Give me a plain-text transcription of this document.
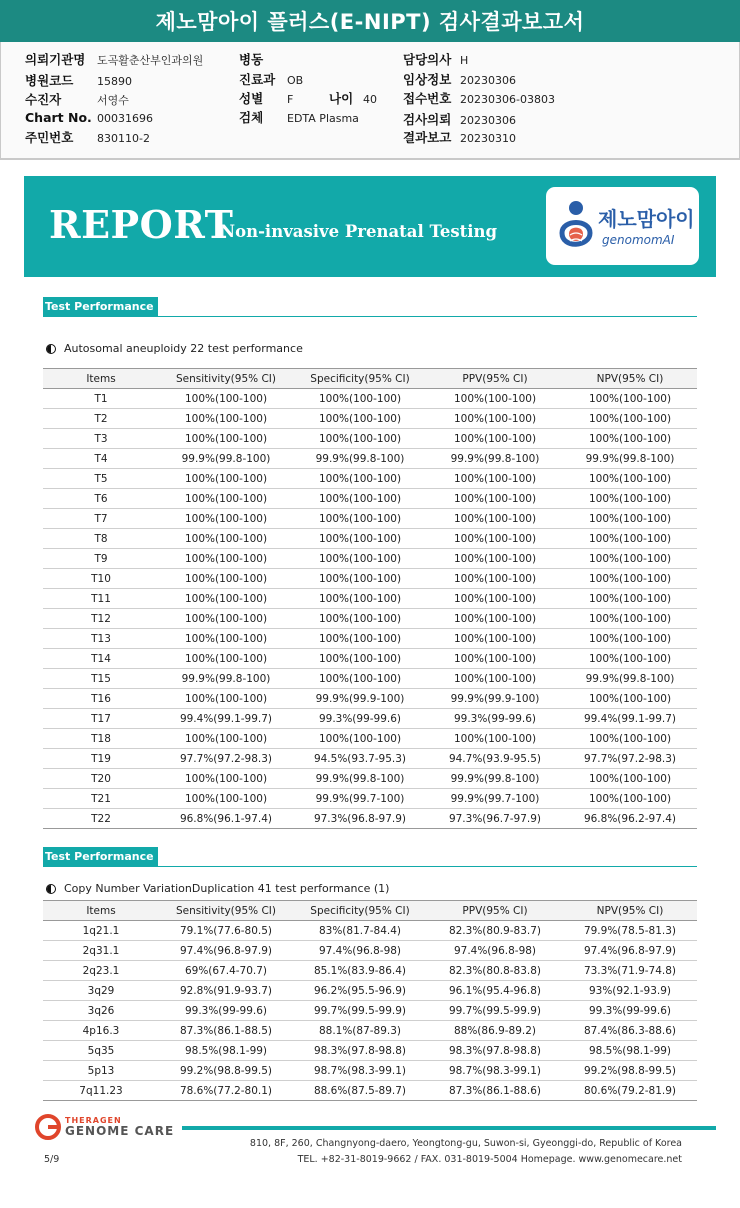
제노맘아이 플러스(E-NIPT) 검사결과보고서
의뢰기관명	도곡활춘산부인과의원
병원코드	15890
수진자	서영수
Chart No. 00031696
주민번호	830110-2
병동
진료과	OB
성별	F	나이 40
검체	EDTA Plasma
담당의사 H
임상정보 20230306
접수번호 20230306-03803
검사의뢰 20230306
결과보고 20230310
REPORT
Non-invasive Prenatal Testing
제노맘아이
genomomAI
Test Performance
Autosomal aneuploidy 22 test performance
Items	Sensitivity(95% CI)	Specificity(95% CI)	PPV(95% CI)	NPV(95% CI)
T1	100%(100-100)	100%(100-100)	100%(100-100)	100%(100-100)
T2	100%(100-100)	100%(100-100)	100%(100-100)	100%(100-100)
T3	100%(100-100)	100%(100-100)	100%(100-100)	100%(100-100)
T4	99.9%(99.8-100)	99.9%(99.8-100)	99.9%(99.8-100)	99.9%(99.8-100)
T5	100%(100-100)	100%(100-100)	100%(100-100)	100%(100-100)
T6	100%(100-100)	100%(100-100)	100%(100-100)	100%(100-100)
T7	100%(100-100)	100%(100-100)	100%(100-100)	100%(100-100)
T8	100%(100-100)	100%(100-100)	100%(100-100)	100%(100-100)
T9	100%(100-100)	100%(100-100)	100%(100-100)	100%(100-100)
T10	100%(100-100)	100%(100-100)	100%(100-100)	100%(100-100)
T11	100%(100-100)	100%(100-100)	100%(100-100)	100%(100-100)
T12	100%(100-100)	100%(100-100)	100%(100-100)	100%(100-100)
T13	100%(100-100)	100%(100-100)	100%(100-100)	100%(100-100)
T14	100%(100-100)	100%(100-100)	100%(100-100)	100%(100-100)
T15	99.9%(99.8-100)	100%(100-100)	100%(100-100)	99.9%(99.8-100)
T16	100%(100-100)	99.9%(99.9-100)	99.9%(99.9-100)	100%(100-100)
T17	99.4%(99.1-99.7)	99.3%(99-99.6)	99.3%(99-99.6)	99.4%(99.1-99.7)
T18	100%(100-100)	100%(100-100)	100%(100-100)	100%(100-100)
T19	97.7%(97.2-98.3)	94.5%(93.7-95.3)	94.7%(93.9-95.5)	97.7%(97.2-98.3)
T20	100%(100-100)	99.9%(99.8-100)	99.9%(99.8-100)	100%(100-100)
T21	100%(100-100)	99.9%(99.7-100)	99.9%(99.7-100)	100%(100-100)
T22	96.8%(96.1-97.4)	97.3%(96.8-97.9)	97.3%(96.7-97.9)	96.8%(96.2-97.4)
Test Performance
Copy Number VariationDuplication 41 test performance (1)
Items	Sensitivity(95% CI)	Specificity(95% CI)	PPV(95% CI)	NPV(95% CI)
1q21.1	79.1%(77.6-80.5)	83%(81.7-84.4)	82.3%(80.9-83.7)	79.9%(78.5-81.3)
2q31.1	97.4%(96.8-97.9)	97.4%(96.8-98)	97.4%(96.8-98)	97.4%(96.8-97.9)
2q23.1	69%(67.4-70.7)	85.1%(83.9-86.4)	82.3%(80.8-83.8)	73.3%(71.9-74.8)
3q29	92.8%(91.9-93.7)	96.2%(95.5-96.9)	96.1%(95.4-96.8)	93%(92.1-93.9)
3q26	99.3%(99-99.6)	99.7%(99.5-99.9)	99.7%(99.5-99.9)	99.3%(99-99.6)
4p16.3	87.3%(86.1-88.5)	88.1%(87-89.3)	88%(86.9-89.2)	87.4%(86.3-88.6)
5q35	98.5%(98.1-99)	98.3%(97.8-98.8)	98.3%(97.8-98.8)	98.5%(98.1-99)
5p13	99.2%(98.8-99.5)	98.7%(98.3-99.1)	98.7%(98.3-99.1)	99.2%(98.8-99.5)
7q11.23	78.6%(77.2-80.1)	88.6%(87.5-89.7)	87.3%(86.1-88.6)	80.6%(79.2-81.9)
THERAGEN
GENOME CARE
810, 8F, 260, Changnyong-daero, Yeongtong-gu, Suwon-si, Gyeonggi-do, Republic of Korea
5/9	TEL. +82-31-8019-9662 / FAX. 031-8019-5004 Homepage. www.genomecare.net
